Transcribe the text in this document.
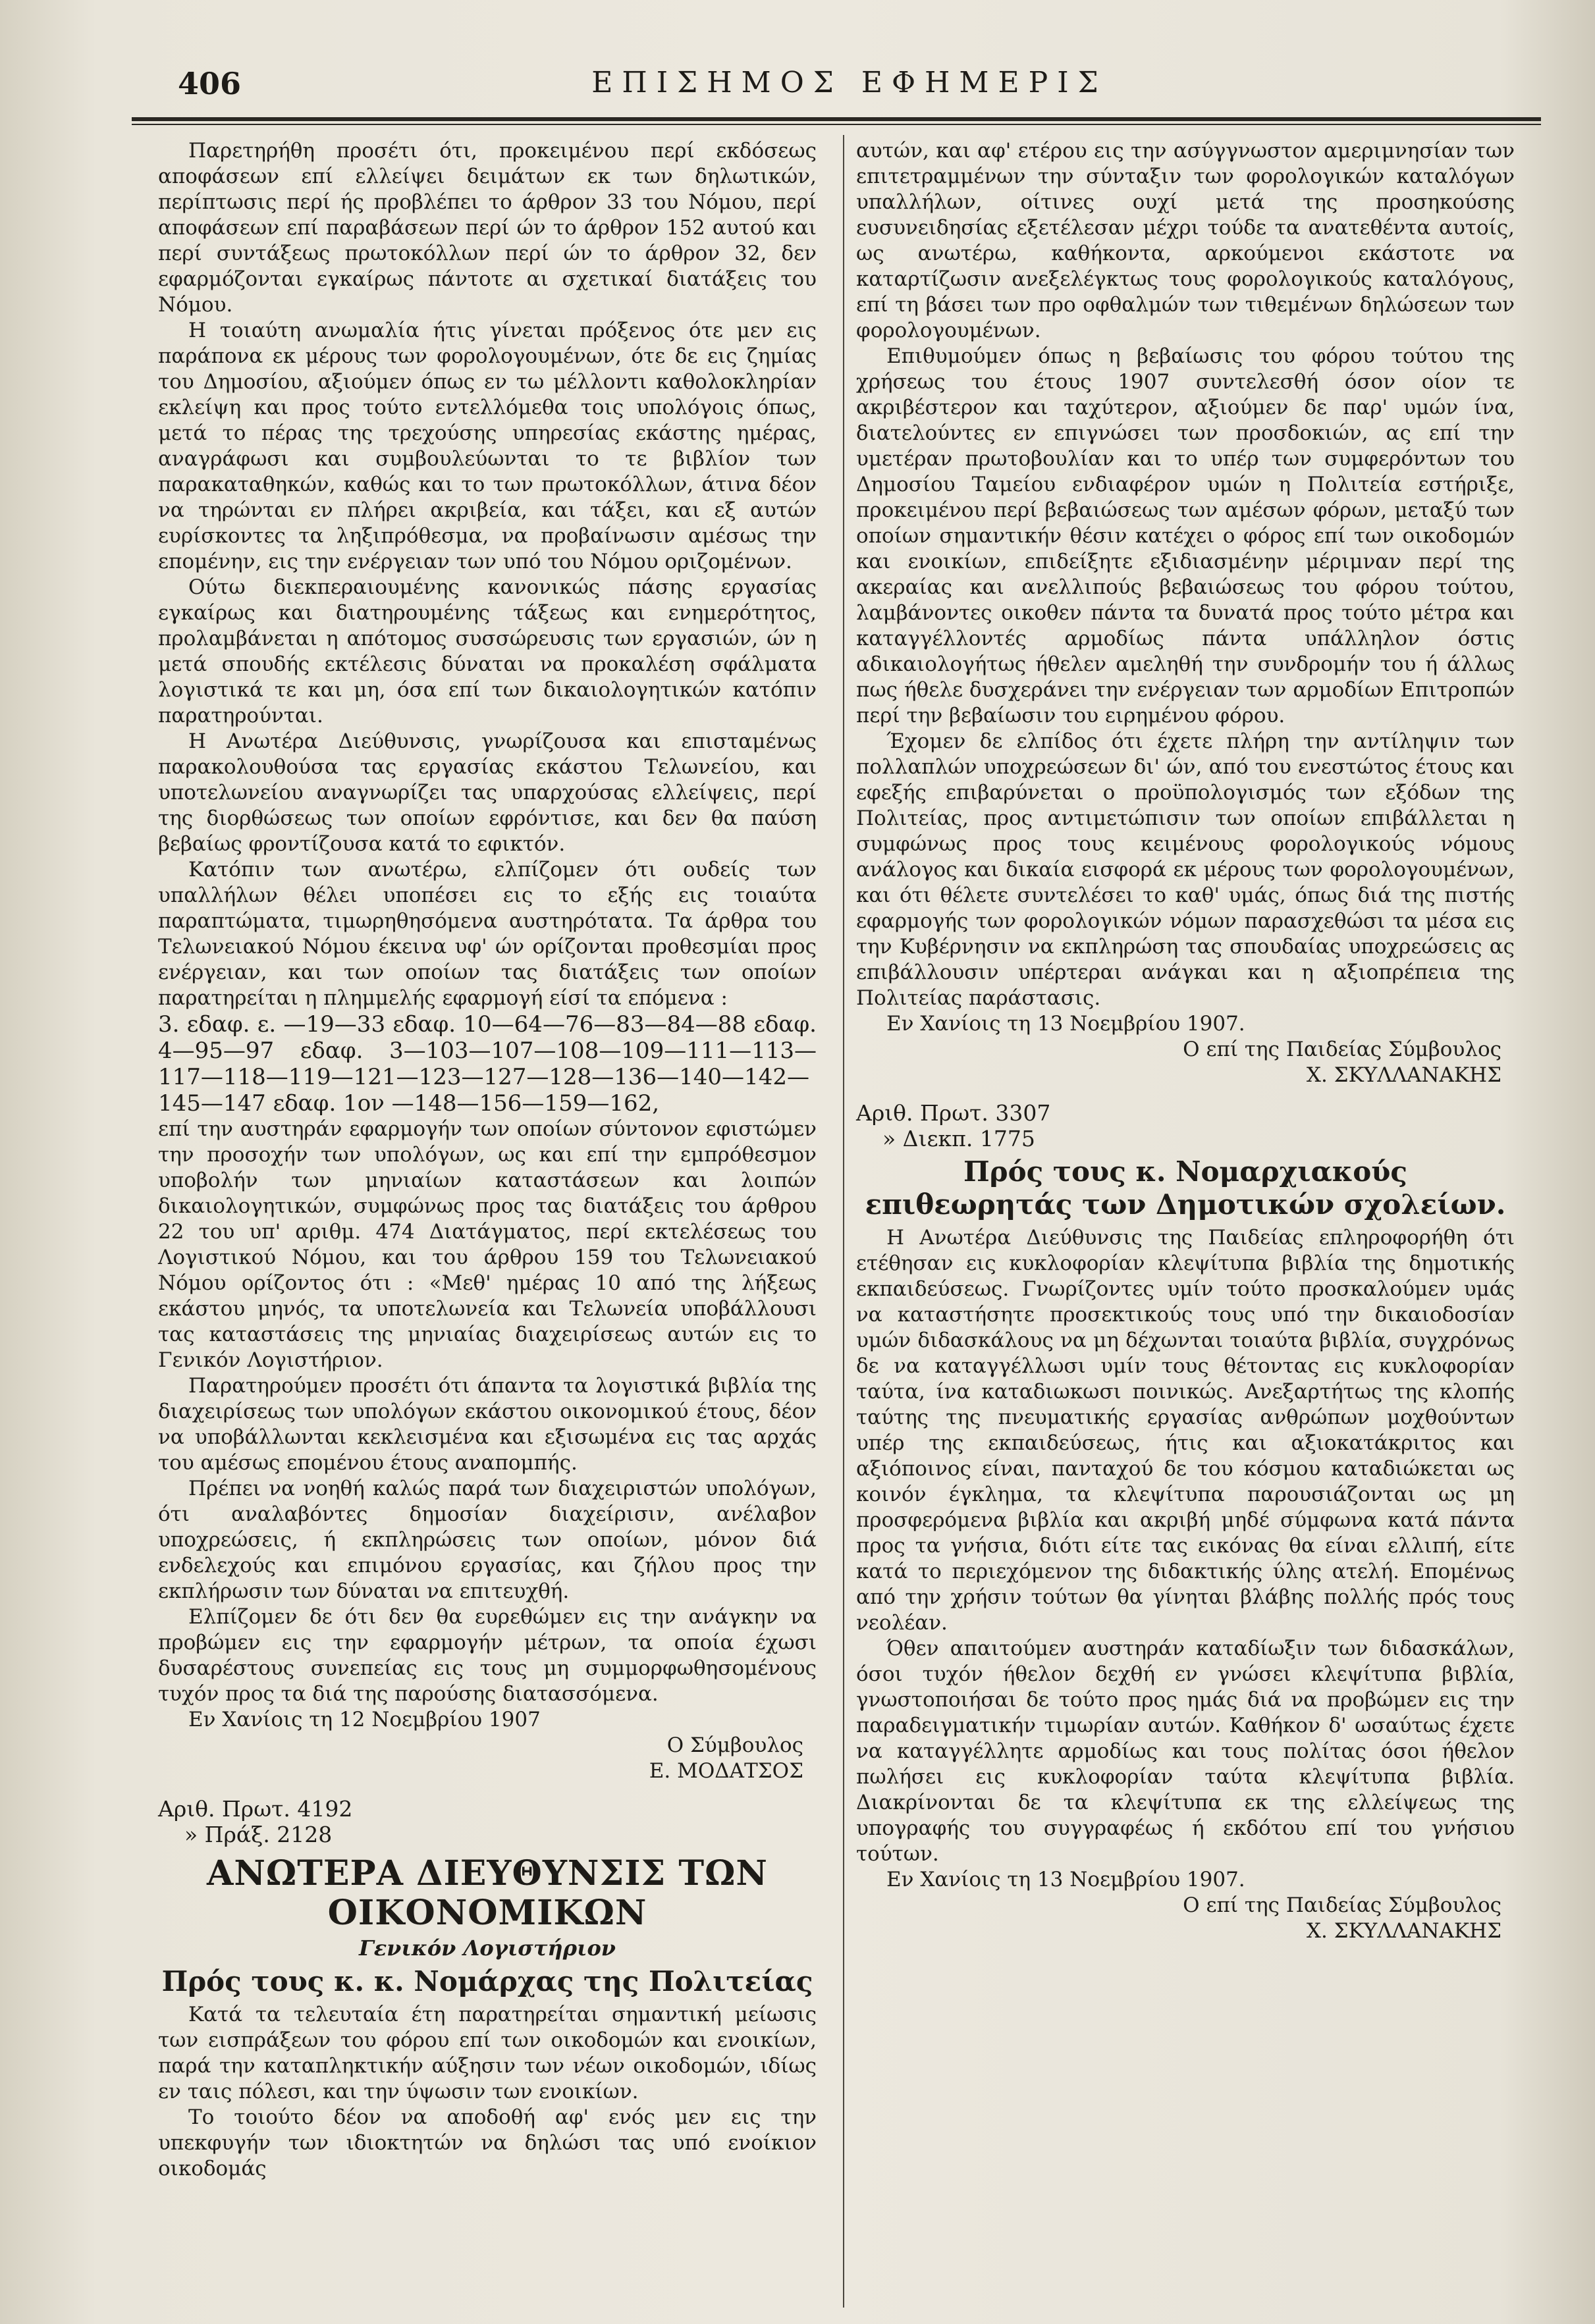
406	ΕΠΙΣΗΜΟΣ ΕΦΗΜΕΡΙΣ

Παρετηρήθη προσέτι ότι, προκειμένου περί εκδόσεως αποφάσεων επί ελλείψει δειμάτων εκ των δηλωτικών, περίπτωσις περί ής προβλέπει το άρθρον 33 του Νόμου, περί αποφάσεων επί παραβάσεων περί ών το άρθρον 152 αυτού και περί συντάξεως πρωτοκόλλων περί ών το άρθρον 32, δεν εφαρμόζονται εγκαίρως πάντοτε αι σχετικαί διατάξεις του Νόμου.

Η τοιαύτη ανωμαλία ήτις γίνεται πρόξενος ότε μεν εις παράπονα εκ μέρους των φορολογουμένων, ότε δε εις ζημίας του Δημοσίου, αξιούμεν όπως εν τω μέλλοντι καθολοκληρίαν εκλείψη και προς τούτο εντελλόμεθα τοις υπολόγοις όπως, μετά το πέρας της τρεχούσης υπηρεσίας εκάστης ημέρας, αναγράφωσι και συμβουλεύωνται το τε βιβλίον των παρακαταθηκών, καθώς και το των πρωτοκόλλων, άτινα δέον να τηρώνται εν πλήρει ακριβεία, και τάξει, και εξ αυτών ευρίσκοντες τα ληξιπρόθεσμα, να προβαίνωσιν αμέσως την επομένην, εις την ενέργειαν των υπό του Νόμου οριζομένων.

Ούτω διεκπεραιουμένης κανονικώς πάσης εργασίας εγκαίρως και διατηρουμένης τάξεως και ενημερότητος, προλαμβάνεται η απότομος συσσώρευσις των εργασιών, ών η μετά σπουδής εκτέλεσις δύναται να προκαλέση σφάλματα λογιστικά τε και μη, όσα επί των δικαιολογητικών κατόπιν παρατηρούνται.

Η Ανωτέρα Διεύθυνσις, γνωρίζουσα και επισταμένως παρακολουθούσα τας εργασίας εκάστου Τελωνείου, και υποτελωνείου αναγνωρίζει τας υπαρχούσας ελλείψεις, περί της διορθώσεως των οποίων εφρόντισε, και δεν θα παύση βεβαίως φροντίζουσα κατά το εφικτόν.

Κατόπιν των ανωτέρω, ελπίζομεν ότι ουδείς των υπαλλήλων θέλει υποπέσει εις το εξής εις τοιαύτα παραπτώματα, τιμωρηθησόμενα αυστηρότατα. Τα άρθρα του Τελωνειακού Νόμου έκεινα υφ' ών ορίζονται προθεσμίαι προς ενέργειαν, και των οποίων τας διατάξεις των οποίων παρατηρείται η πλημμελής εφαρμογή είσί τα επόμενα :

3. εδαφ. ε. —19—33 εδαφ. 10—64—76—83—84—88 εδαφ. 4—95—97 εδαφ. 3—103—107—108—109—111—113—117—118—119—121—123—127—128—136—140—142—145—147 εδαφ. 1ον —148—156—159—162,

επί την αυστηράν εφαρμογήν των οποίων σύντονον εφιστώμεν την προσοχήν των υπολόγων, ως και επί την εμπρόθεσμον υποβολήν των μηνιαίων καταστάσεων και λοιπών δικαιολογητικών, συμφώνως προς τας διατάξεις του άρθρου 22 του υπ' αριθμ. 474 Διατάγματος, περί εκτελέσεως του Λογιστικού Νόμου, και του άρθρου 159 του Τελωνειακού Νόμου ορίζοντος ότι : «Μεθ' ημέρας 10 από της λήξεως εκάστου μηνός, τα υποτελωνεία και Τελωνεία υποβάλλουσι τας καταστάσεις της μηνιαίας διαχειρίσεως αυτών εις το Γενικόν Λογιστήριον.

Παρατηρούμεν προσέτι ότι άπαντα τα λογιστικά βιβλία της διαχειρίσεως των υπολόγων εκάστου οικονομικού έτους, δέον να υποβάλλωνται κεκλεισμένα και εξισωμένα εις τας αρχάς του αμέσως επομένου έτους αναπομπής.

Πρέπει να νοηθή καλώς παρά των διαχειριστών υπολόγων, ότι αναλαβόντες δημοσίαν διαχείρισιν, ανέλαβον υποχρεώσεις, ή εκπληρώσεις των οποίων, μόνον διά ενδελεχούς και επιμόνου εργασίας, και ζήλου προς την εκπλήρωσιν των δύναται να επιτευχθή.

Ελπίζομεν δε ότι δεν θα ευρεθώμεν εις την ανάγκην να προβώμεν εις την εφαρμογήν μέτρων, τα οποία έχωσι δυσαρέστους συνεπείας εις τους μη συμμορφωθησομένους τυχόν προς τα διά της παρούσης διατασσόμενα.

Εν Χανίοις τη 12 Νοεμβρίου 1907

Ο Σύμβουλος

Ε. ΜΟΔΑΤΣΟΣ

Αριθ. Πρωτ. 4192

» Πράξ. 2128

ΑΝΩΤΕΡΑ ΔΙΕΥΘΥΝΣΙΣ ΤΩΝ ΟΙΚΟΝΟΜΙΚΩΝ

Γενικόν Λογιστήριον

Πρός τους κ. κ. Νομάρχας της Πολιτείας

Κατά τα τελευταία έτη παρατηρείται σημαντική μείωσις των εισπράξεων του φόρου επί των οικοδομών και ενοικίων, παρά την καταπληκτικήν αύξησιν των νέων οικοδομών, ιδίως εν ταις πόλεσι, και την ύψωσιν των ενοικίων.

Το τοιούτο δέον να αποδοθή αφ' ενός μεν εις την υπεκφυγήν των ιδιοκτητών να δηλώσι τας υπό ενοίκιον οικοδομάς

αυτών, και αφ' ετέρου εις την ασύγγνωστον αμεριμνησίαν των επιτετραμμένων την σύνταξιν των φορολογικών καταλόγων υπαλλήλων, οίτινες ουχί μετά της προσηκούσης ευσυνειδησίας εξετέλεσαν μέχρι τούδε τα ανατεθέντα αυτοίς, ως ανωτέρω, καθήκοντα, αρκούμενοι εκάστοτε να καταρτίζωσιν ανεξελέγκτως τους φορολογικούς καταλόγους, επί τη βάσει των προ οφθαλμών των τιθεμένων δηλώσεων των φορολογουμένων.

Επιθυμούμεν όπως η βεβαίωσις του φόρου τούτου της χρήσεως του έτους 1907 συντελεσθή όσον οίον τε ακριβέστερον και ταχύτερον, αξιούμεν δε παρ' υμών ίνα, διατελούντες εν επιγνώσει των προσδοκιών, ας επί την υμετέραν πρωτοβουλίαν και το υπέρ των συμφερόντων του Δημοσίου Ταμείου ενδιαφέρον υμών η Πολιτεία εστήριξε, προκειμένου περί βεβαιώσεως των αμέσων φόρων, μεταξύ των οποίων σημαντικήν θέσιν κατέχει ο φόρος επί των οικοδομών και ενοικίων, επιδείξητε εξιδιασμένην μέριμναν περί της ακεραίας και ανελλιπούς βεβαιώσεως του φόρου τούτου, λαμβάνοντες οικοθεν πάντα τα δυνατά προς τούτο μέτρα και καταγγέλλοντές αρμοδίως πάντα υπάλληλον όστις αδικαιολογήτως ήθελεν αμεληθή την συνδρομήν του ή άλλως πως ήθελε δυσχεράνει την ενέργειαν των αρμοδίων Επιτροπών περί την βεβαίωσιν του ειρημένου φόρου.

Έχομεν δε ελπίδος ότι έχετε πλήρη την αντίληψιν των πολλαπλών υποχρεώσεων δι' ών, από του ενεστώτος έτους και εφεξής επιβαρύνεται ο προϋπολογισμός των εξόδων της Πολιτείας, προς αντιμετώπισιν των οποίων επιβάλλεται η συμφώνως προς τους κειμένους φορολογικούς νόμους ανάλογος και δικαία εισφορά εκ μέρους των φορολογουμένων, και ότι θέλετε συντελέσει το καθ' υμάς, όπως διά της πιστής εφαρμογής των φορολογικών νόμων παρασχεθώσι τα μέσα εις την Κυβέρνησιν να εκπληρώση τας σπουδαίας υποχρεώσεις ας επιβάλλουσιν υπέρτεραι ανάγκαι και η αξιοπρέπεια της Πολιτείας παράστασις.

Εν Χανίοις τη 13 Νοεμβρίου 1907.

Ο επί της Παιδείας Σύμβουλος

Χ. ΣΚΥΛΛΑΝΑΚΗΣ

Αριθ. Πρωτ. 3307

» Διεκπ. 1775

Πρός τους κ. Νομαρχιακούς επιθεωρητάς των Δημοτικών σχολείων.

Η Ανωτέρα Διεύθυνσις της Παιδείας επληροφορήθη ότι ετέθησαν εις κυκλοφορίαν κλεψίτυπα βιβλία της δημοτικής εκπαιδεύσεως. Γνωρίζοντες υμίν τούτο προσκαλούμεν υμάς να καταστήσητε προσεκτικούς τους υπό την δικαιοδοσίαν υμών διδασκάλους να μη δέχωνται τοιαύτα βιβλία, συγχρόνως δε να καταγγέλλωσι υμίν τους θέτοντας εις κυκλοφορίαν ταύτα, ίνα καταδιωκωσι ποινικώς. Ανεξαρτήτως της κλοπής ταύτης της πνευματικής εργασίας ανθρώπων μοχθούντων υπέρ της εκπαιδεύσεως, ήτις και αξιοκατάκριτος και αξιόποινος είναι, πανταχού δε του κόσμου καταδιώκεται ως κοινόν έγκλημα, τα κλεψίτυπα παρουσιάζονται ως μη προσφερόμενα βιβλία και ακριβή μηδέ σύμφωνα κατά πάντα προς τα γνήσια, διότι είτε τας εικόνας θα είναι ελλιπή, είτε κατά το περιεχόμενον της διδακτικής ύλης ατελή. Επομένως από την χρήσιν τούτων θα γίνηται βλάβης πολλής πρός τους νεολέαν.

Όθεν απαιτούμεν αυστηράν καταδίωξιν των διδασκάλων, όσοι τυχόν ήθελον δεχθή εν γνώσει κλεψίτυπα βιβλία, γνωστοποιήσαι δε τούτο προς ημάς διά να προβώμεν εις την παραδειγματικήν τιμωρίαν αυτών. Καθήκον δ' ωσαύτως έχετε να καταγγέλλητε αρμοδίως και τους πολίτας όσοι ήθελον πωλήσει εις κυκλοφορίαν ταύτα κλεψίτυπα βιβλία. Διακρίνονται δε τα κλεψίτυπα εκ της ελλείψεως της υπογραφής του συγγραφέως ή εκδότου επί του γνήσιου τούτων.

Εν Χανίοις τη 13 Νοεμβρίου 1907.

Ο επί της Παιδείας Σύμβουλος

Χ. ΣΚΥΛΛΑΝΑΚΗΣ
